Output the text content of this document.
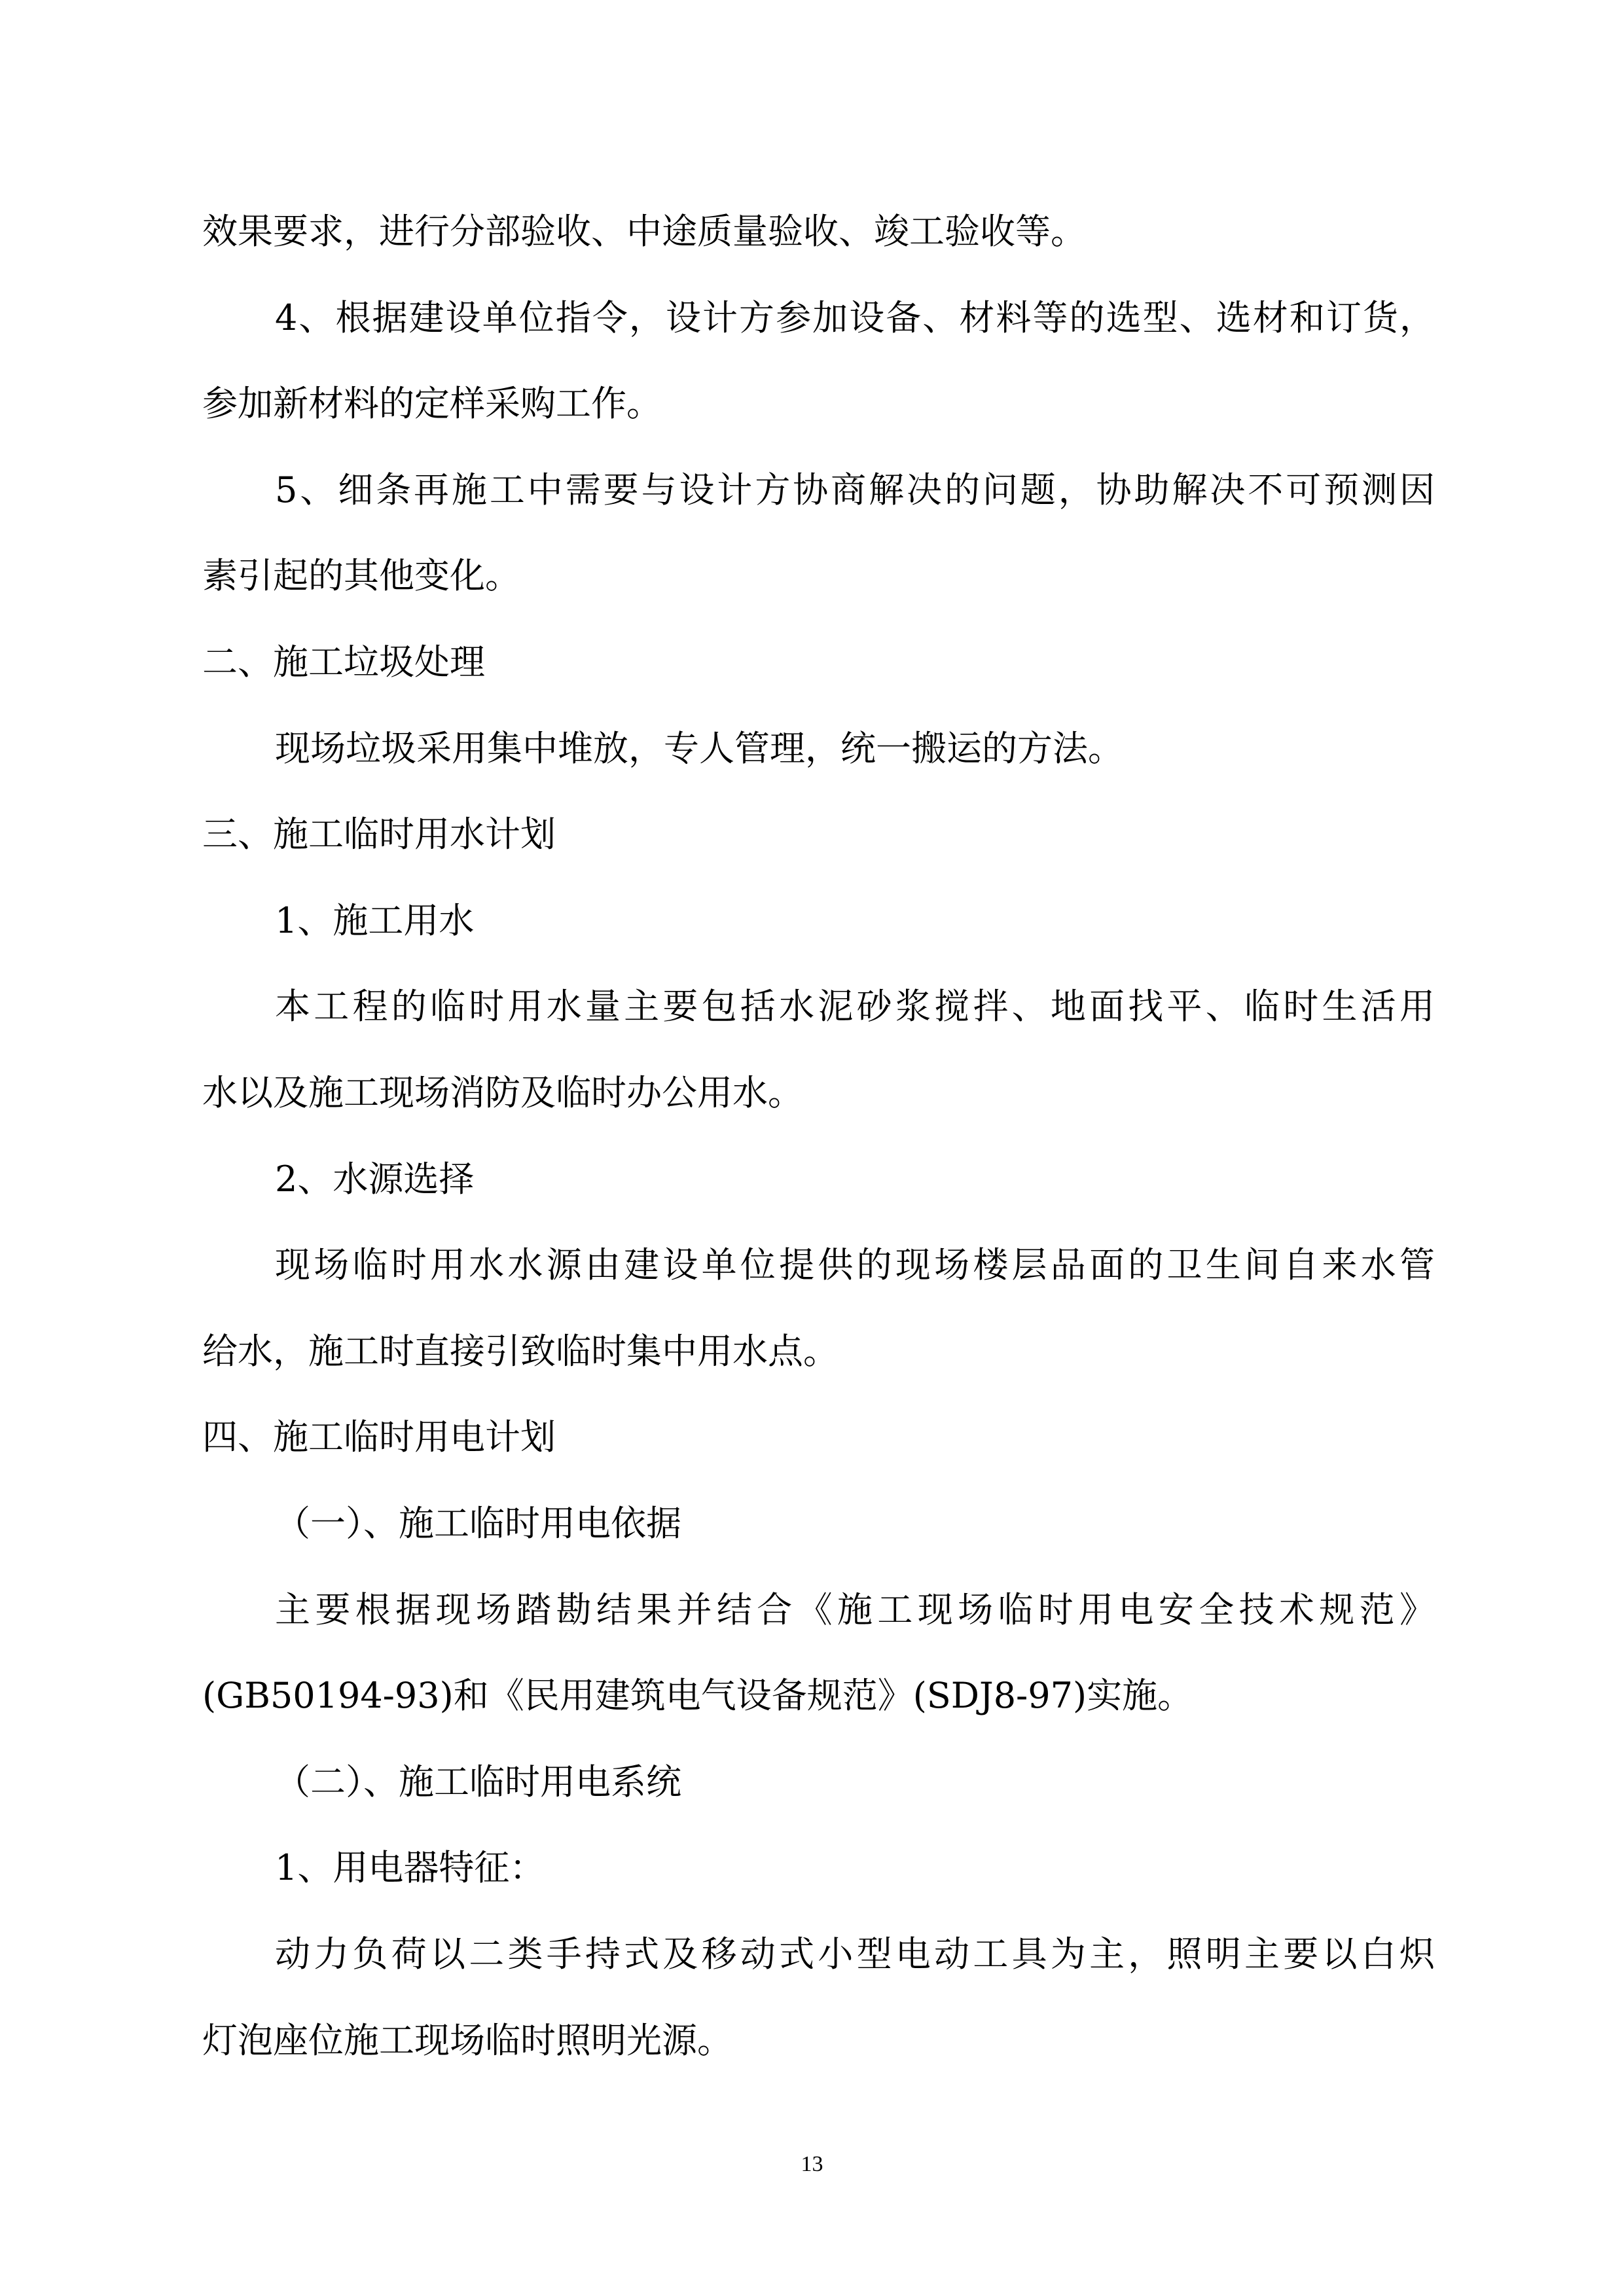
效果要求，进行分部验收、中途质量验收、竣工验收等。
4、根据建设单位指令，设计方参加设备、材料等的选型、选材和订货，
参加新材料的定样采购工作。
5、细条再施工中需要与设计方协商解决的问题，协助解决不可预测因
素引起的其他变化。
二、施工垃圾处理
现场垃圾采用集中堆放，专人管理，统一搬运的方法。
三、施工临时用水计划
1、施工用水
本工程的临时用水量主要包括水泥砂浆搅拌、地面找平、临时生活用
水以及施工现场消防及临时办公用水。
2、水源选择
现场临时用水水源由建设单位提供的现场楼层品面的卫生间自来水管
给水，施工时直接引致临时集中用水点。
四、施工临时用电计划
（一）、施工临时用电依据
主要根据现场踏勘结果并结合《施工现场临时用电安全技术规范》
(GB50194-93)和《民用建筑电气设备规范》(SDJ8-97)实施。
（二）、施工临时用电系统
1、用电器特征：
动力负荷以二类手持式及移动式小型电动工具为主，照明主要以白炽
灯泡座位施工现场临时照明光源。
13
